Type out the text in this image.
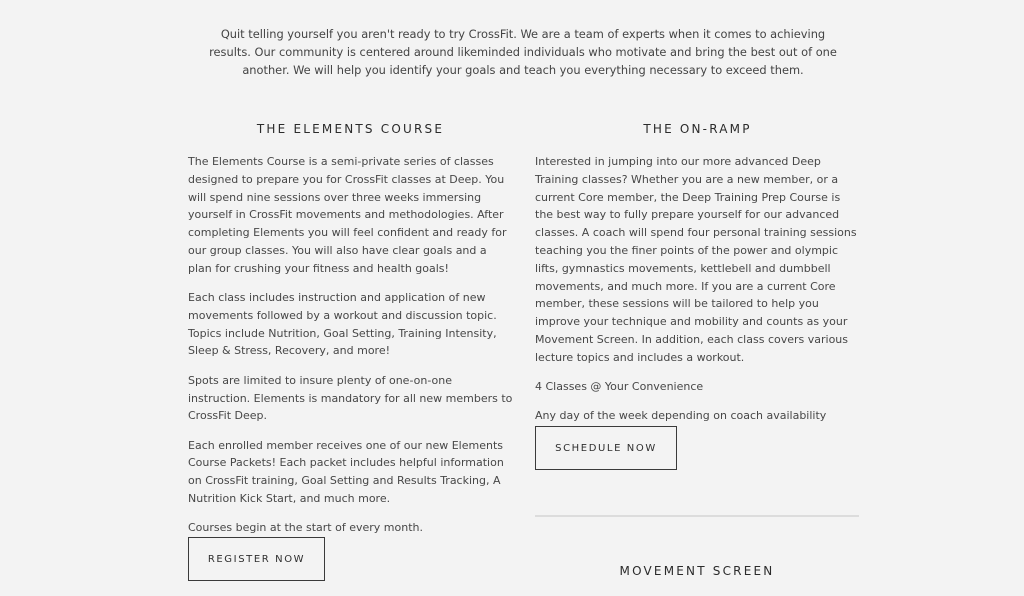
Quit telling yourself you aren't ready to try CrossFit. We are a team of experts when it comes to achieving results. Our community is centered around likeminded individuals who motivate and bring the best out of one another. We will help you identify your goals and teach you everything necessary to exceed them.

THE ELEMENTS COURSE

The Elements Course is a semi-private series of classes designed to prepare you for CrossFit classes at Deep. You will spend nine sessions over three weeks immersing yourself in CrossFit movements and methodologies. After completing Elements you will feel confident and ready for our group classes. You will also have clear goals and a plan for crushing your fitness and health goals!

Each class includes instruction and application of new movements followed by a workout and discussion topic. Topics include Nutrition, Goal Setting, Training Intensity, Sleep & Stress, Recovery, and more!

Spots are limited to insure plenty of one-on-one instruction. Elements is mandatory for all new members to CrossFit Deep.

Each enrolled member receives one of our new Elements Course Packets! Each packet includes helpful information on CrossFit training, Goal Setting and Results Tracking, A Nutrition Kick Start, and much more.

Courses begin at the start of every month.

REGISTER NOW
THE ON-RAMP

Interested in jumping into our more advanced Deep Training classes? Whether you are a new member, or a current Core member, the Deep Training Prep Course is the best way to fully prepare yourself for our advanced classes. A coach will spend four personal training sessions teaching you the finer points of the power and olympic lifts, gymnastics movements, kettlebell and dumbbell movements, and much more. If you are a current Core member, these sessions will be tailored to help you improve your technique and mobility and counts as your Movement Screen. In addition, each class covers various lecture topics and includes a workout.

4 Classes @ Your Convenience

Any day of the week depending on coach availability

SCHEDULE NOW
MOVEMENT SCREEN
